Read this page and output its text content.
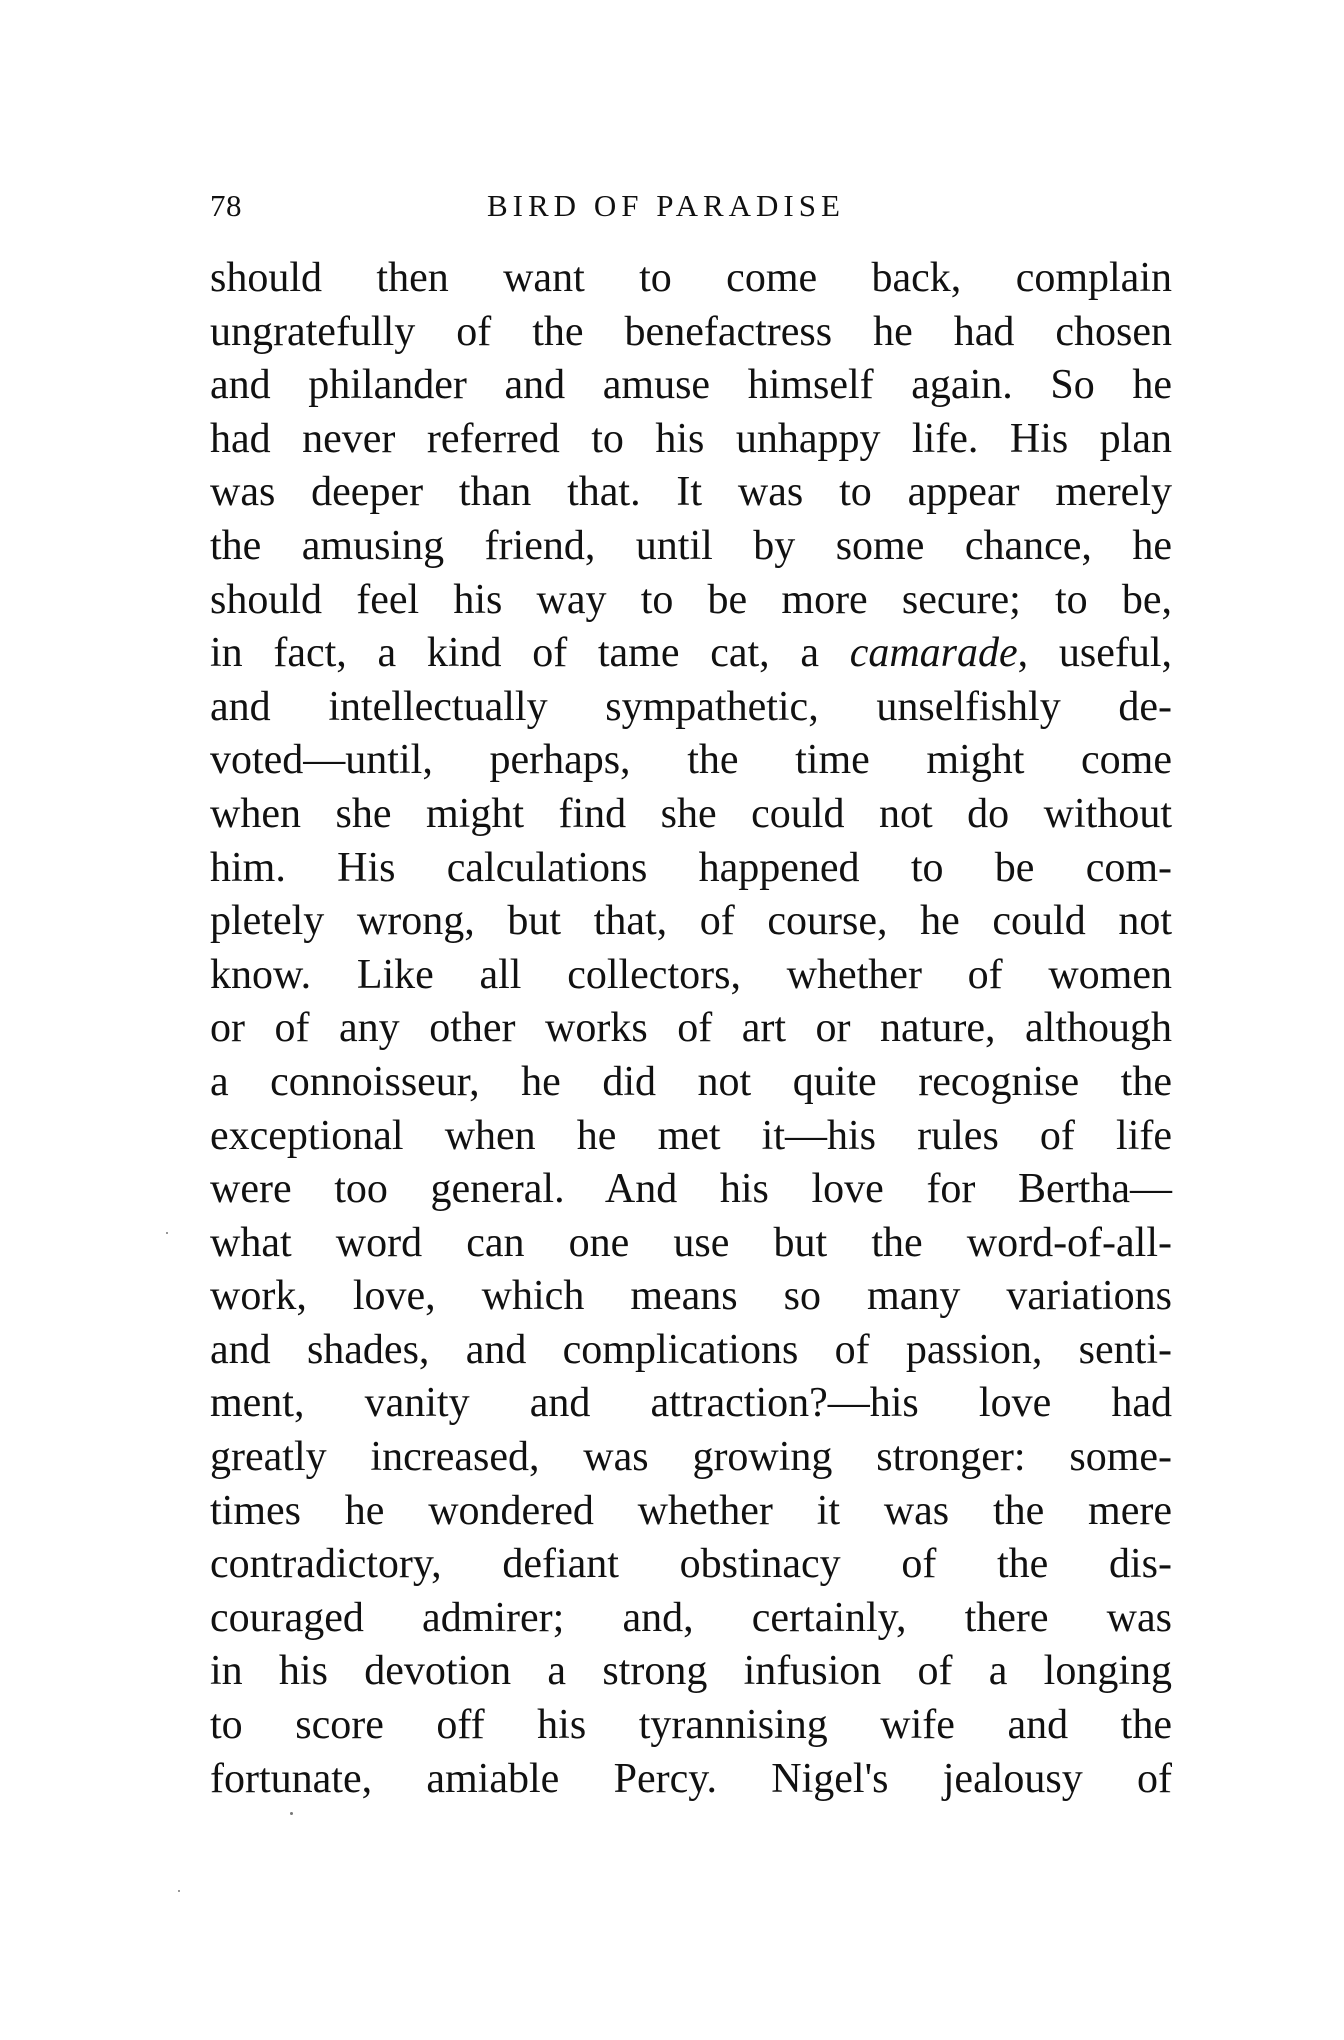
78	BIRD OF PARADISE
should then want to come back, complain
ungratefully of the benefactress he had chosen
and philander and amuse himself again. So he
had never referred to his unhappy life. His plan
was deeper than that. It was to appear merely
the amusing friend, until by some chance, he
should feel his way to be more secure; to be,
in fact, a kind of tame cat, a camarade, useful,
and intellectually sympathetic, unselfishly de-
voted—until, perhaps, the time might come
when she might find she could not do without
him. His calculations happened to be com-
pletely wrong, but that, of course, he could not
know. Like all collectors, whether of women
or of any other works of art or nature, although
a connoisseur, he did not quite recognise the
exceptional when he met it—his rules of life
were too general. And his love for Bertha—
what word can one use but the word-of-all-
work, love, which means so many variations
and shades, and complications of passion, senti-
ment, vanity and attraction?—his love had
greatly increased, was growing stronger: some-
times he wondered whether it was the mere
contradictory, defiant obstinacy of the dis-
couraged admirer; and, certainly, there was
in his devotion a strong infusion of a longing
to score off his tyrannising wife and the
fortunate, amiable Percy. Nigel's jealousy of
